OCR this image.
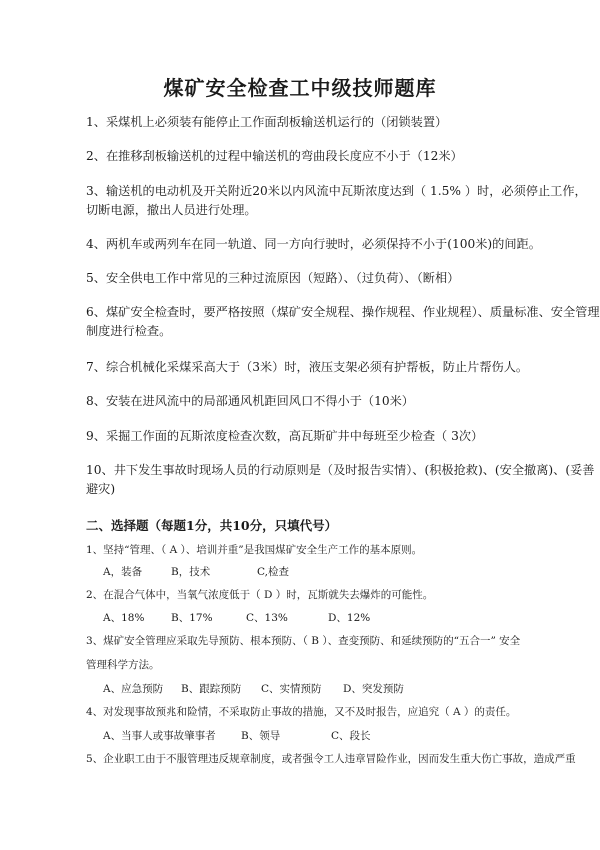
煤矿安全检查工中级技师题库

1、采煤机上必须装有能停止工作面刮板输送机运行的（闭锁装置）

2、在推移刮板输送机的过程中输送机的弯曲段长度应不小于（12米）

3、输送机的电动机及开关附近20米以内风流中瓦斯浓度达到（ 1.5% ）时，必须停止工作，

切断电源，撤出人员进行处理。

4、两机车或两列车在同一轨道、同一方向行驶时，必须保持不小于(100米)的间距。

5、安全供电工作中常见的三种过流原因（短路）、（过负荷）、（断相）

6、煤矿安全检查时，要严格按照（煤矿安全规程、操作规程、作业规程）、质量标准、安全管理

制度进行检查。

7、综合机械化采煤采高大于（3米）时，液压支架必须有护帮板，防止片帮伤人。

8、安装在进风流中的局部通风机距回风口不得小于（10米）

9、采掘工作面的瓦斯浓度检查次数，高瓦斯矿井中每班至少检查（ 3次）

10、井下发生事故时现场人员的行动原则是（及时报告实情）、(积极抢救)、(安全撤离)、(妥善

避灾)

二、选择题（每题1分，共10分，只填代号）

1、坚持“管理、（ A ）、培训并重”是我国煤矿安全生产工作的基本原则。

A，装备	B，技术	C,检查

2、在混合气体中，当氧气浓度低于（ D ）时，瓦斯就失去爆炸的可能性。

A、18%	B、17%	C、13%	D、12%

3、煤矿安全管理应采取先导预防、根本预防、（ B ）、查变预防、和延续预防的“五合一” 安全

管理科学方法。

A、应急预防 B、跟踪预防 C、实情预防 D、突发预防

4、对发现事故预兆和险情，不采取防止事故的措施，又不及时报告，应追究（ A ）的责任。

A、当事人或事故肇事者 B、领导	C、段长

5、企业职工由于不服管理违反规章制度，或者强令工人违章冒险作业，因而发生重大伤亡事故，造成严重
